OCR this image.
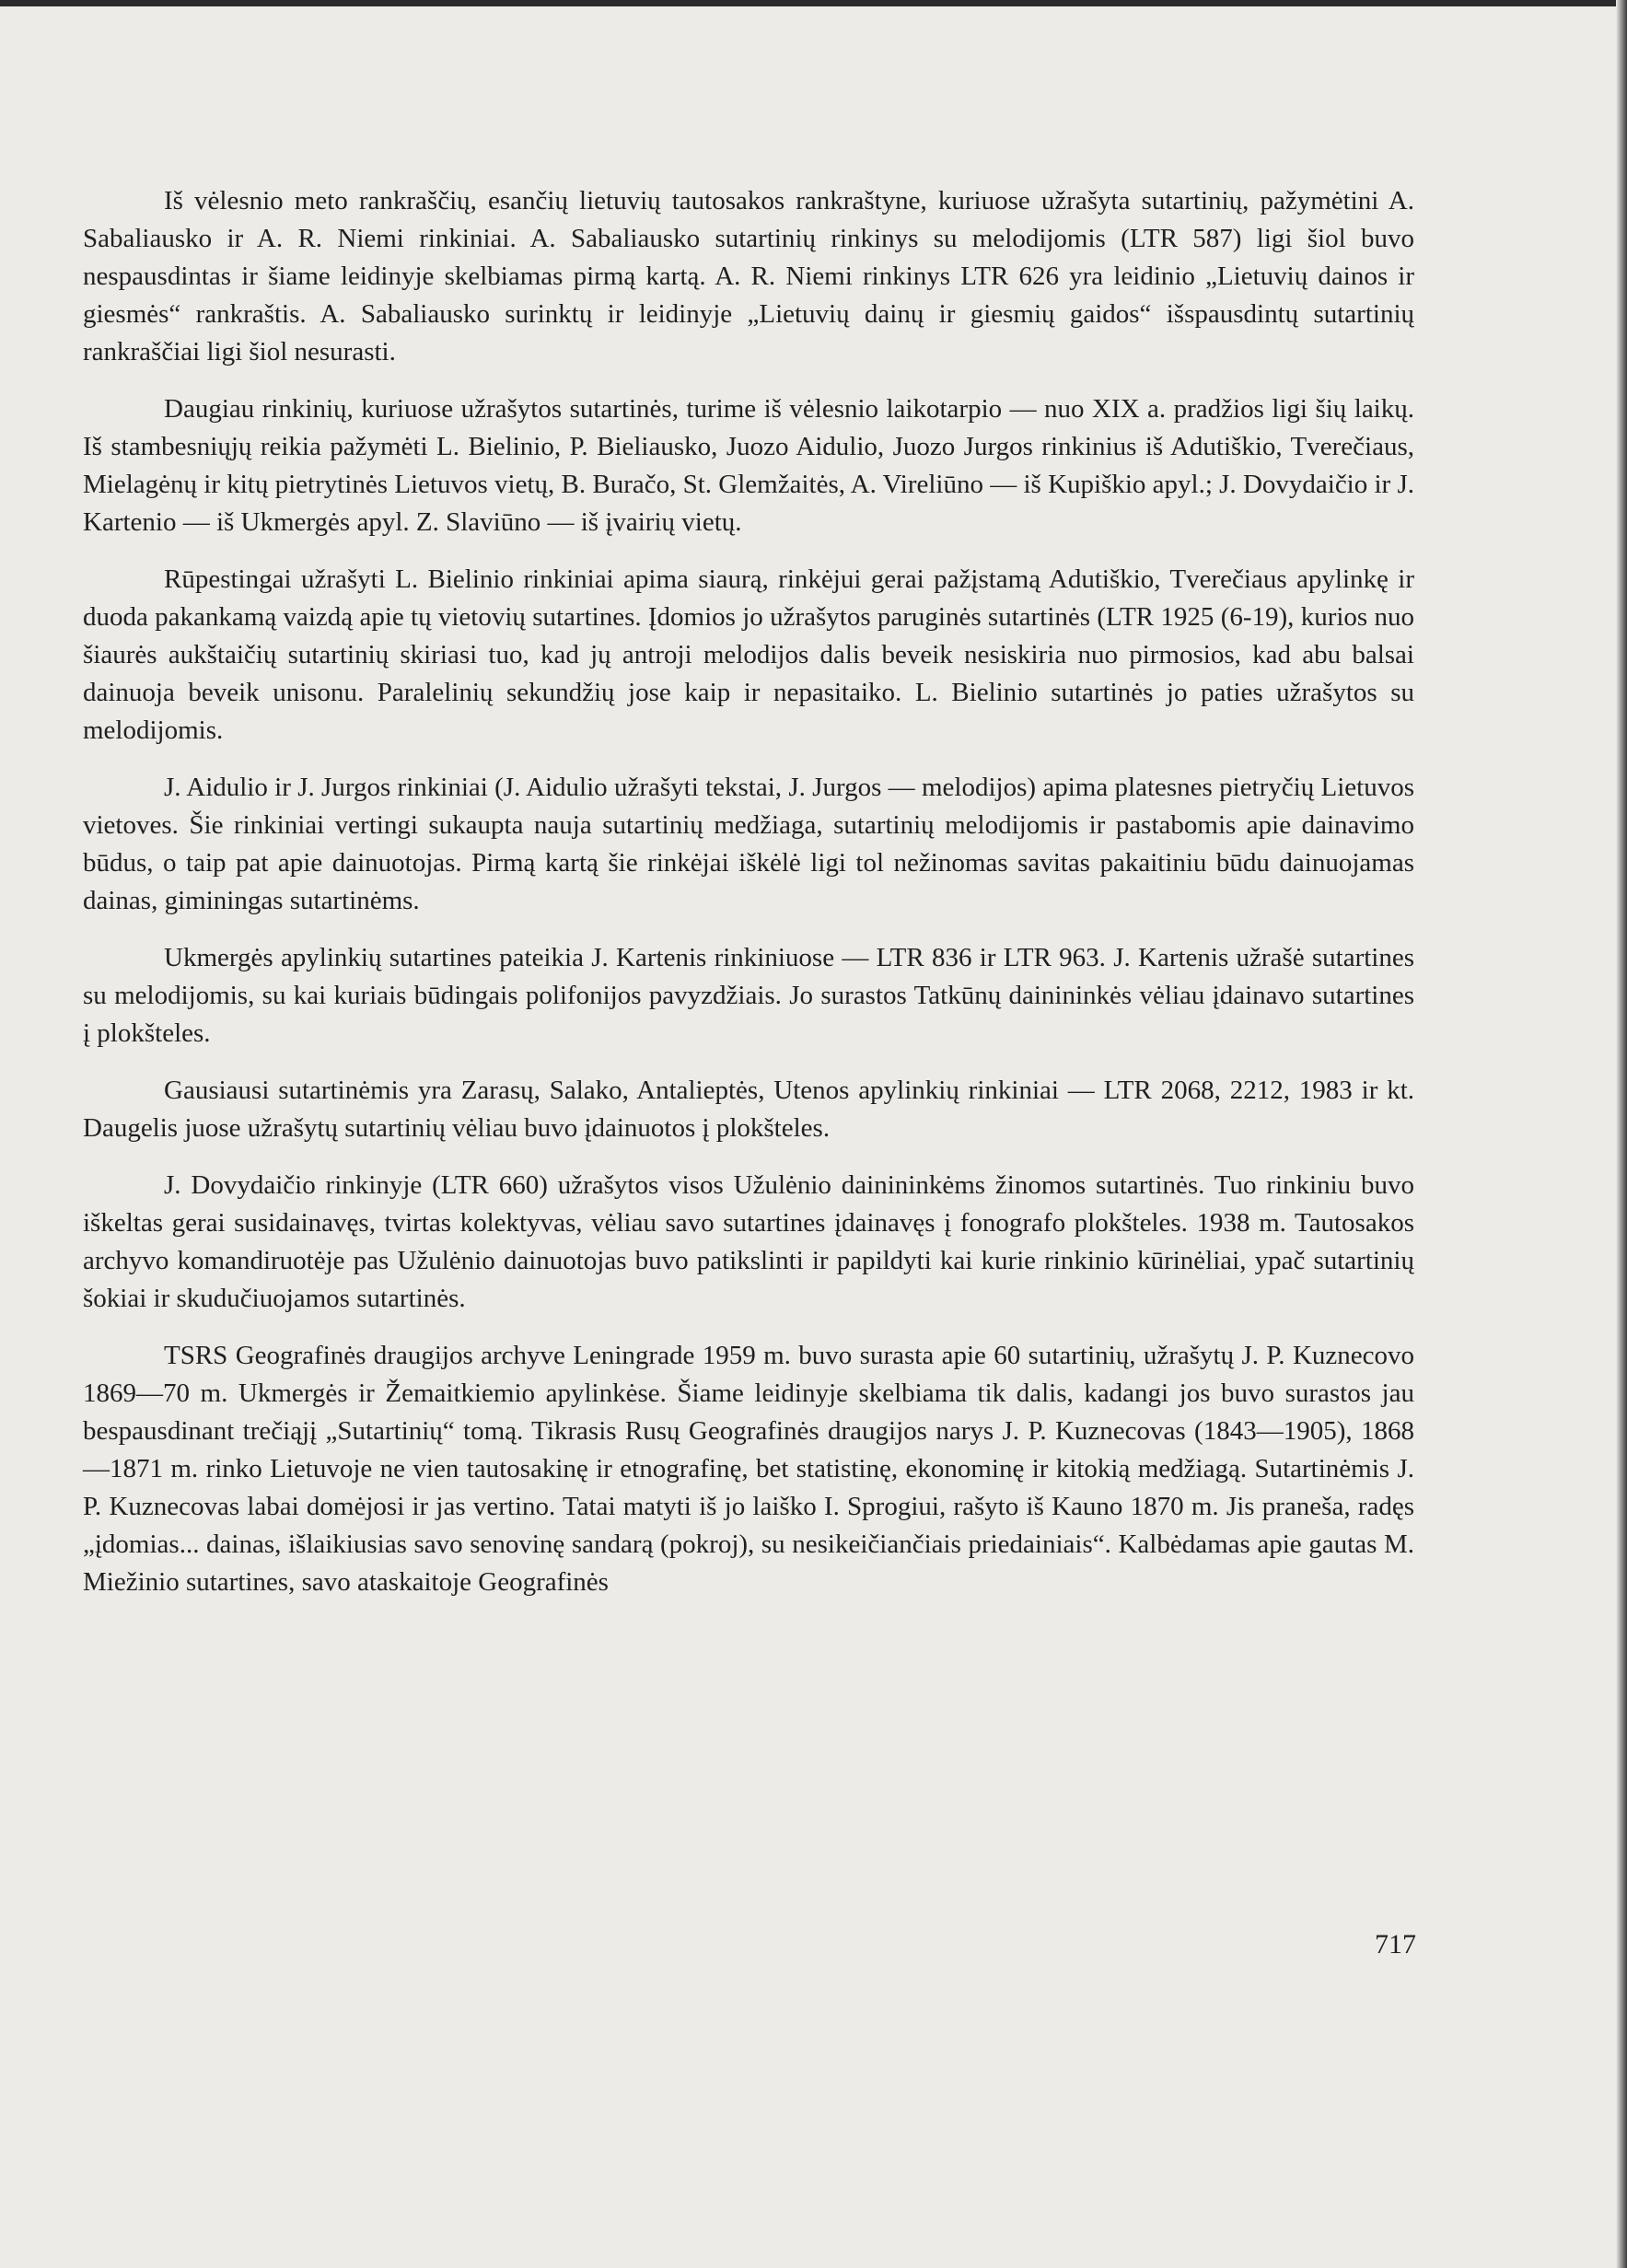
Iš vėlesnio meto rankraščių, esančių lietuvių tautosakos rankraštyne, kuriuose užrašyta sutartinių, pažymėtini A. Sabaliausko ir A. R. Niemi rinkiniai. A. Sabaliausko sutartinių rinkinys su melodijomis (LTR 587) ligi šiol buvo nespausdintas ir šiame leidinyje skelbiamas pirmą kartą. A. R. Niemi rinkinys LTR 626 yra leidinio „Lietuvių dainos ir giesmės“ rankraštis. A. Sabaliausko surinktų ir leidinyje „Lietuvių dainų ir giesmių gaidos“ išspausdintų sutartinių rankraščiai ligi šiol nesurasti.

Daugiau rinkinių, kuriuose užrašytos sutartinės, turime iš vėlesnio laikotarpio — nuo XIX a. pradžios ligi šių laikų. Iš stambesniųjų reikia pažymėti L. Bielinio, P. Bieliausko, Juozo Aidulio, Juozo Jurgos rinkinius iš Adutiškio, Tverečiaus, Mielagėnų ir kitų pietrytinės Lietuvos vietų, B. Buračo, St. Glemžaitės, A. Vireliūno — iš Kupiškio apyl.; J. Dovydaičio ir J. Kartenio — iš Ukmergės apyl. Z. Slaviūno — iš įvairių vietų.

Rūpestingai užrašyti L. Bielinio rinkiniai apima siaurą, rinkėjui gerai pažįstamą Adutiškio, Tverečiaus apylinkę ir duoda pakankamą vaizdą apie tų vietovių sutartines. Įdomios jo užrašytos paruginės sutartinės (LTR 1925 (6-19), kurios nuo šiaurės aukštaičių sutartinių skiriasi tuo, kad jų antroji melodijos dalis beveik nesiskiria nuo pirmosios, kad abu balsai dainuoja beveik unisonu. Paralelinių sekundžių jose kaip ir nepasitaiko. L. Bielinio sutartinės jo paties užrašytos su melodijomis.

J. Aidulio ir J. Jurgos rinkiniai (J. Aidulio užrašyti tekstai, J. Jurgos — melodijos) apima platesnes pietryčių Lietuvos vietoves. Šie rinkiniai vertingi sukaupta nauja sutartinių medžiaga, sutartinių melodijomis ir pastabomis apie dainavimo būdus, o taip pat apie dainuotojas. Pirmą kartą šie rinkėjai iškėlė ligi tol nežinomas savitas pakaitiniu būdu dainuojamas dainas, giminingas sutartinėms.

Ukmergės apylinkių sutartines pateikia J. Kartenis rinkiniuose — LTR 836 ir LTR 963. J. Kartenis užrašė sutartines su melodijomis, su kai kuriais būdingais polifonijos pavyzdžiais. Jo surastos Tatkūnų dainininkės vėliau įdainavo sutartines į plokšteles.

Gausiausi sutartinėmis yra Zarasų, Salako, Antalieptės, Utenos apylinkių rinkiniai — LTR 2068, 2212, 1983 ir kt. Daugelis juose užrašytų sutartinių vėliau buvo įdainuotos į plokšteles.

J. Dovydaičio rinkinyje (LTR 660) užrašytos visos Užulėnio dainininkėms žinomos sutartinės. Tuo rinkiniu buvo iškeltas gerai susidainavęs, tvirtas kolektyvas, vėliau savo sutartines įdainavęs į fonografo plokšteles. 1938 m. Tautosakos archyvo komandiruotėje pas Užulėnio dainuotojas buvo patikslinti ir papildyti kai kurie rinkinio kūrinėliai, ypač sutartinių šokiai ir skudučiuojamos sutartinės.

TSRS Geografinės draugijos archyve Leningrade 1959 m. buvo surasta apie 60 sutartinių, užrašytų J. P. Kuznecovo 1869—70 m. Ukmergės ir Žemaitkiemio apylinkėse. Šiame leidinyje skelbiama tik dalis, kadangi jos buvo surastos jau bespausdinant trečiąjį „Sutartinių“ tomą. Tikrasis Rusų Geografinės draugijos narys J. P. Kuznecovas (1843—1905), 1868—1871 m. rinko Lietuvoje ne vien tautosakinę ir etnografinę, bet statistinę, ekonominę ir kitokią medžiagą. Sutartinėmis J. P. Kuznecovas labai domėjosi ir jas vertino. Tatai matyti iš jo laiško I. Sprogiui, rašyto iš Kauno 1870 m. Jis praneša, radęs „įdomias... dainas, išlaikiusias savo senovinę sandarą (pokroj), su nesikeičiančiais priedainiais“. Kalbėdamas apie gautas M. Miežinio sutartines, savo ataskaitoje Geografinės

717
